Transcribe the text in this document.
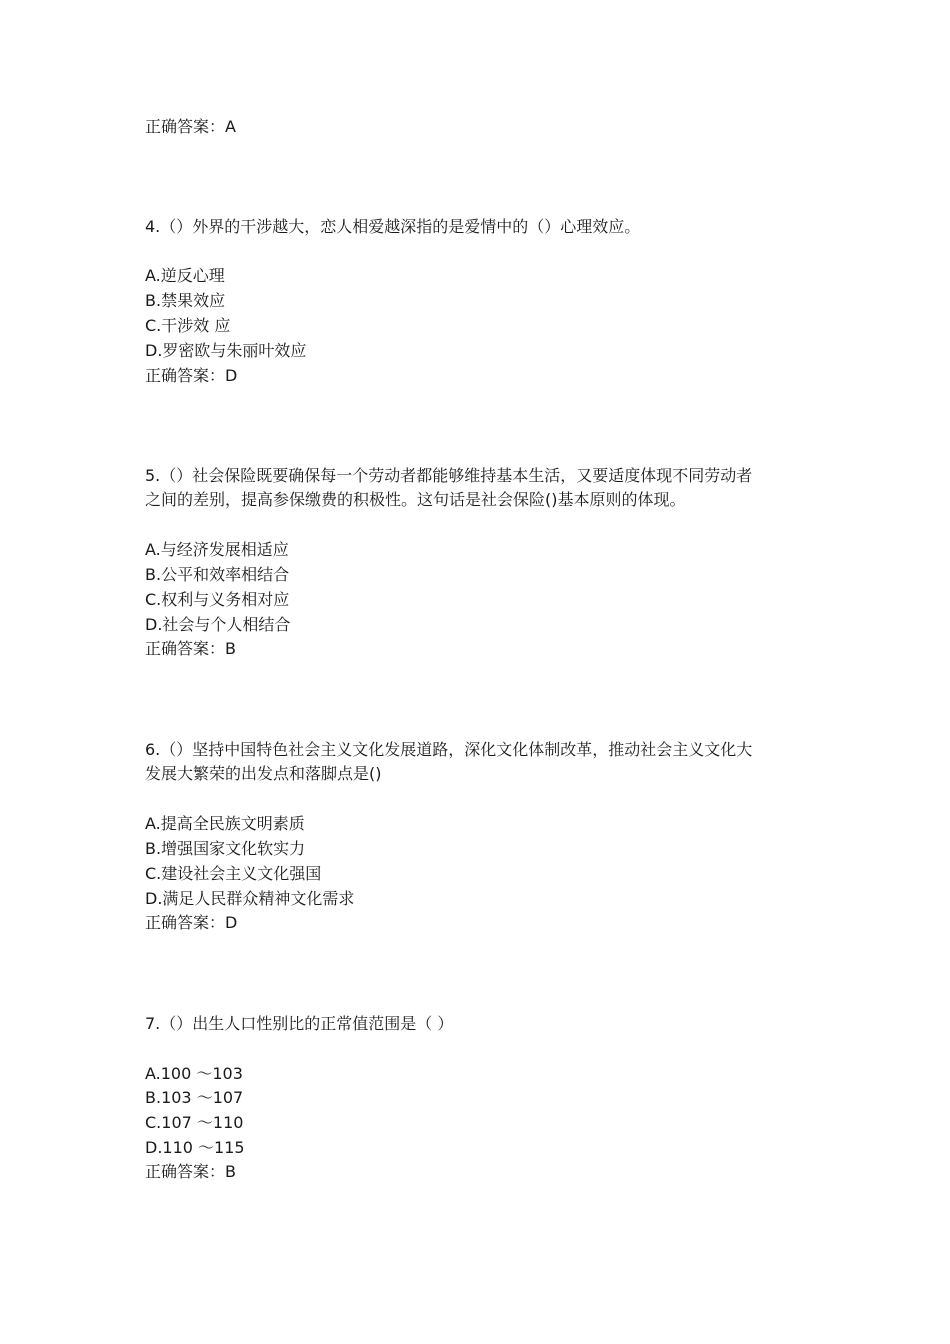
正确答案：A
4.（）外界的干涉越大，恋人相爱越深指的是爱情中的（）心理效应。
A.逆反心理
B.禁果效应
C.干涉效 应
D.罗密欧与朱丽叶效应
正确答案：D
5.（）社会保险既要确保每一个劳动者都能够维持基本生活，又要适度体现不同劳动者
之间的差别，提高参保缴费的积极性。这句话是社会保险()基本原则的体现。
A.与经济发展相适应
B.公平和效率相结合
C.权利与义务相对应
D.社会与个人相结合
正确答案：B
6.（）坚持中国特色社会主义文化发展道路，深化文化体制改革，推动社会主义文化大
发展大繁荣的出发点和落脚点是()
A.提高全民族文明素质
B.增强国家文化软实力
C.建设社会主义文化强国
D.满足人民群众精神文化需求
正确答案：D
7.（）出生人口性别比的正常值范围是（ ）
A.100 ～103
B.103 ～107
C.107 ～110
D.110 ～115
正确答案：B
